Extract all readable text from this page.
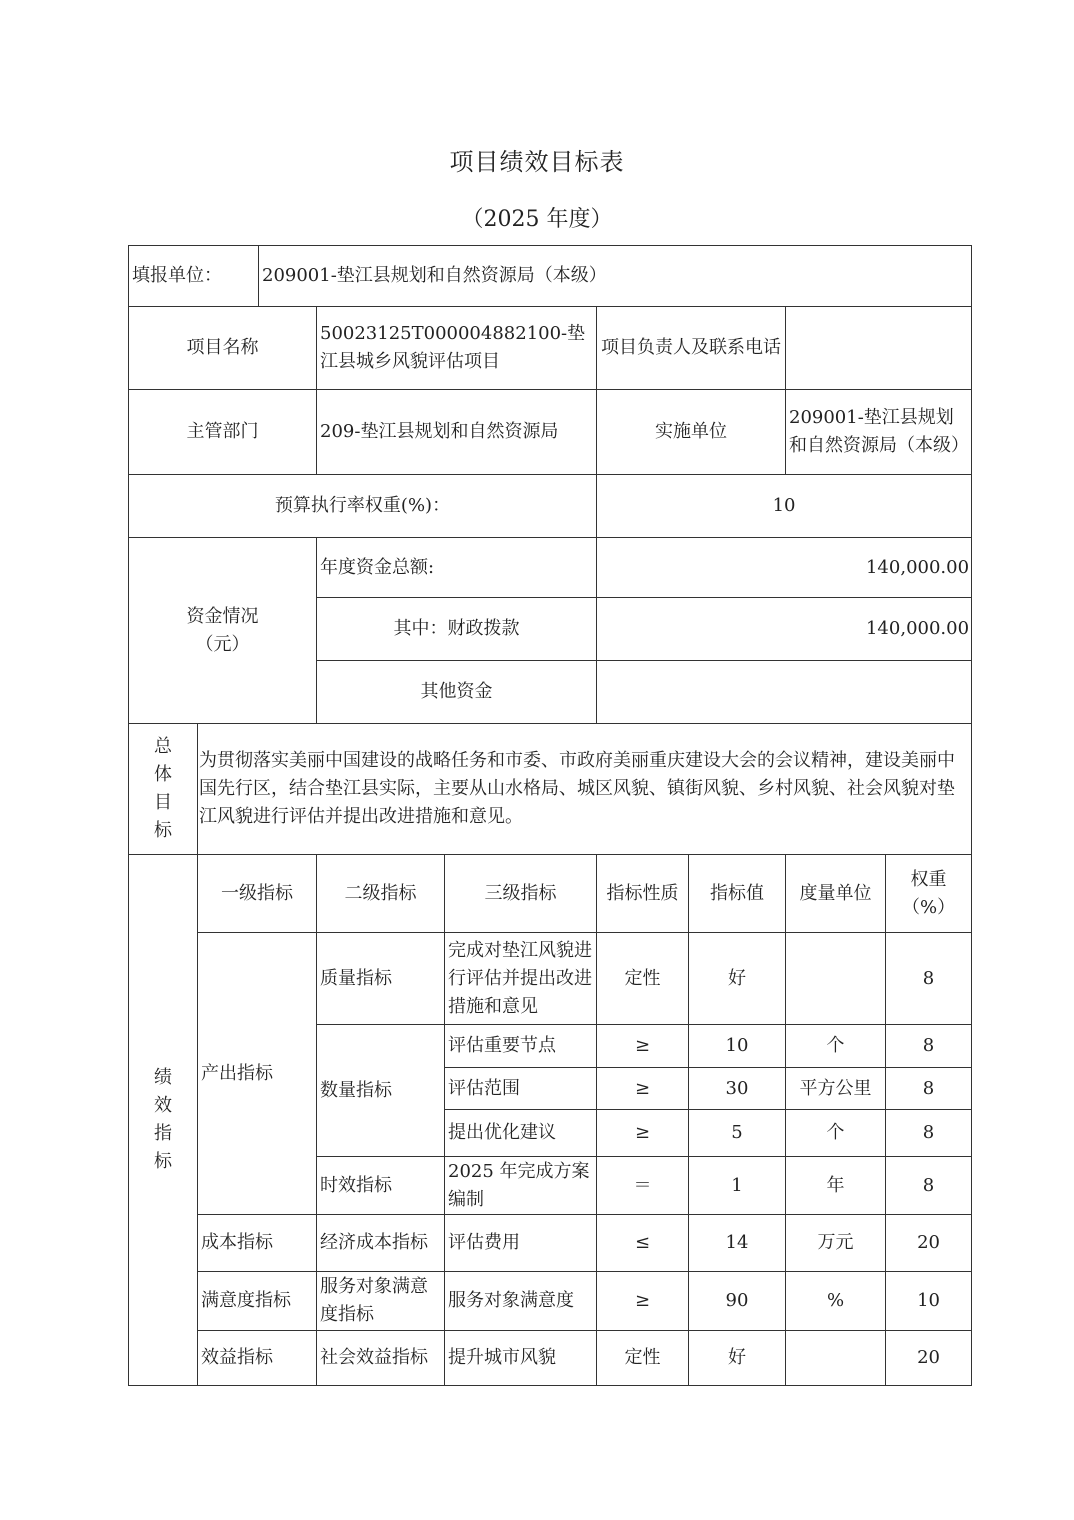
项目绩效目标表
（2025 年度）
填报单位：		209001-垫江县规划和自然资源局（本级）						
项目名称			50023125T000004882100-垫江县城乡风貌评估项目		项目负责人及联系电话			
主管部门			209-垫江县规划和自然资源局		实施单位		209001-垫江县规划和自然资源局（本级）	
预算执行率权重(%)：					10			

资金情况（元）			年度资金总额:		140,000.00			
			其中：财政拨款		140,000.00			
			其他资金					

总体目标	为贯彻落实美丽中国建设的战略任务和市委、市政府美丽重庆建设大会的会议精神，建设美丽中国先行区，结合垫江县实际，主要从山水格局、城区风貌、镇街风貌、乡村风貌、社会风貌对垫江风貌进行评估并提出改进措施和意见。							

绩效指标	一级指标		二级指标	三级指标	指标性质	指标值	度量单位	权重（%）
	产出指标		质量指标	完成对垫江风貌进行评估并提出改进措施和意见	定性	好		8
			数量指标	评估重要节点	≥	10	个	8
				评估范围	≥	30	平方公里	8
				提出优化建议	≥	5	个	8
			时效指标	2025 年完成方案编制	＝	1	年	8
	成本指标		经济成本指标	评估费用	≤	14	万元	20
	满意度指标		服务对象满意度指标	服务对象满意度	≥	90	%	10
	效益指标		社会效益指标	提升城市风貌	定性	好		20
